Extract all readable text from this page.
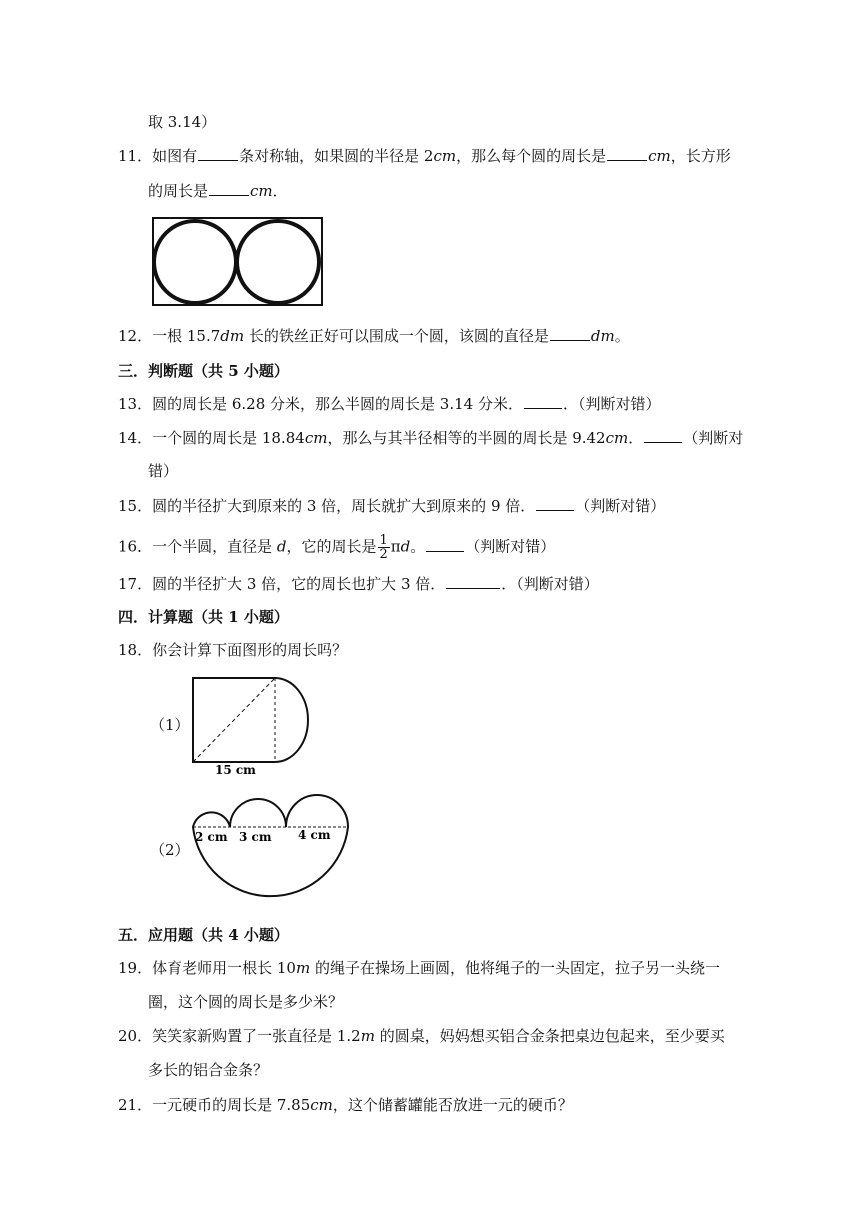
取 3.14）
11．如图有	条对称轴，如果圆的半径是 2cm，那么每个圆的周长是	cm，长方形
的周长是	cm．
12．一根 15.7dm 长的铁丝正好可以围成一个圆，该圆的直径是	dm。
三．判断题（共 5 小题）
13．圆的周长是 6.28 分米，那么半圆的周长是 3.14 分米．	．（判断对错）
14．一个圆的周长是 18.84cm，那么与其半径相等的半圆的周长是 9.42cm．	（判断对
错）
15．圆的半径扩大到原来的 3 倍，周长就扩大到原来的 9 倍．	（判断对错）
16．一个半圆，直径是 d，它的周长是 $\frac{1}{2}$ πd。	（判断对错）
17．圆的半径扩大 3 倍，它的周长也扩大 3 倍．	．（判断对错）
四．计算题（共 1 小题）
18．你会计算下面图形的周长吗？
（1）
15 cm
（2）
2 cm 3 cm 4 cm
五．应用题（共 4 小题）
19．体育老师用一根长 10m 的绳子在操场上画圆，他将绳子的一头固定，拉子另一头绕一
圈，这个圆的周长是多少米？
20．笑笑家新购置了一张直径是 1.2m 的圆桌，妈妈想买铝合金条把桌边包起来，至少要买
多长的铝合金条？
21．一元硬币的周长是 7.85cm，这个储蓄罐能否放进一元的硬币？
